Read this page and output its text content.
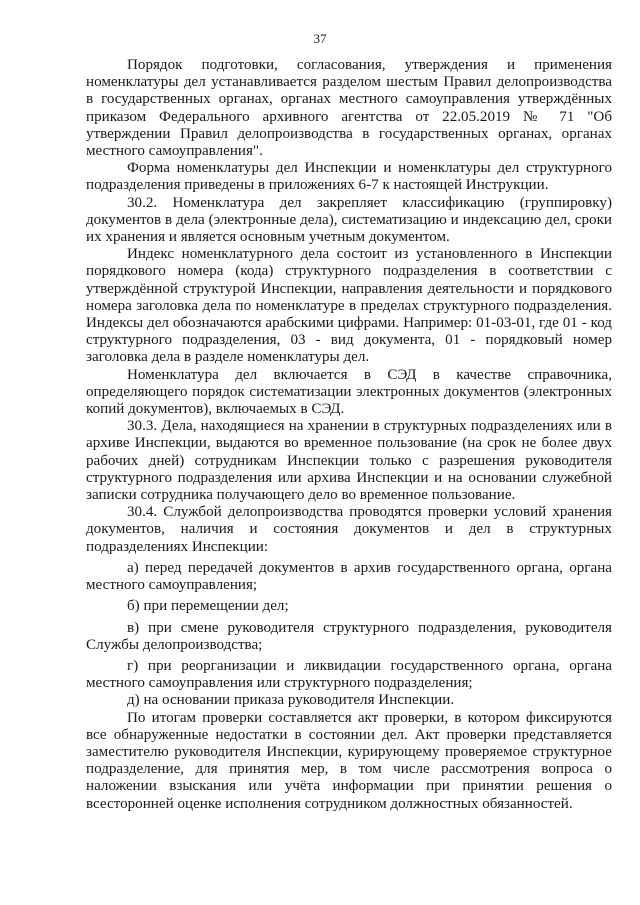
37

Порядок подготовки, согласования, утверждения и применения номенклатуры дел устанавливается разделом шестым Правил делопроизводства в государственных органах, органах местного самоуправления утверждённых приказом Федерального архивного агентства от 22.05.2019 № 71 "Об утверждении Правил делопроизводства в государственных органах, органах местного самоуправления".

Форма номенклатуры дел Инспекции и номенклатуры дел структурного подразделения приведены в приложениях 6-7 к настоящей Инструкции.

30.2. Номенклатура дел закрепляет классификацию (группировку) документов в дела (электронные дела), систематизацию и индексацию дел, сроки их хранения и является основным учетным документом.

Индекс номенклатурного дела состоит из установленного в Инспекции порядкового номера (кода) структурного подразделения в соответствии с утверждённой структурой Инспекции, направления деятельности и порядкового номера заголовка дела по номенклатуре в пределах структурного подразделения. Индексы дел обозначаются арабскими цифрами. Например: 01-03-01, где 01 - код структурного подразделения, 03 - вид документа, 01 - порядковый номер заголовка дела в разделе номенклатуры дел.

Номенклатура дел включается в СЭД в качестве справочника, определяющего порядок систематизации электронных документов (электронных копий документов), включаемых в СЭД.

30.3. Дела, находящиеся на хранении в структурных подразделениях или в архиве Инспекции, выдаются во временное пользование (на срок не более двух рабочих дней) сотрудникам Инспекции только с разрешения руководителя структурного подразделения или архива Инспекции и на основании служебной записки сотрудника получающего дело во временное пользование.

30.4. Службой делопроизводства проводятся проверки условий хранения документов, наличия и состояния документов и дел в структурных подразделениях Инспекции:

а) перед передачей документов в архив государственного органа, органа местного самоуправления;

б) при перемещении дел;

в) при смене руководителя структурного подразделения, руководителя Службы делопроизводства;

г) при реорганизации и ликвидации государственного органа, органа местного самоуправления или структурного подразделения;

д) на основании приказа руководителя Инспекции.

По итогам проверки составляется акт проверки, в котором фиксируются все обнаруженные недостатки в состоянии дел. Акт проверки представляется заместителю руководителя Инспекции, курирующему проверяемое структурное подразделение, для принятия мер, в том числе рассмотрения вопроса о наложении взыскания или учёта информации при принятии решения о всесторонней оценке исполнения сотрудником должностных обязанностей.
